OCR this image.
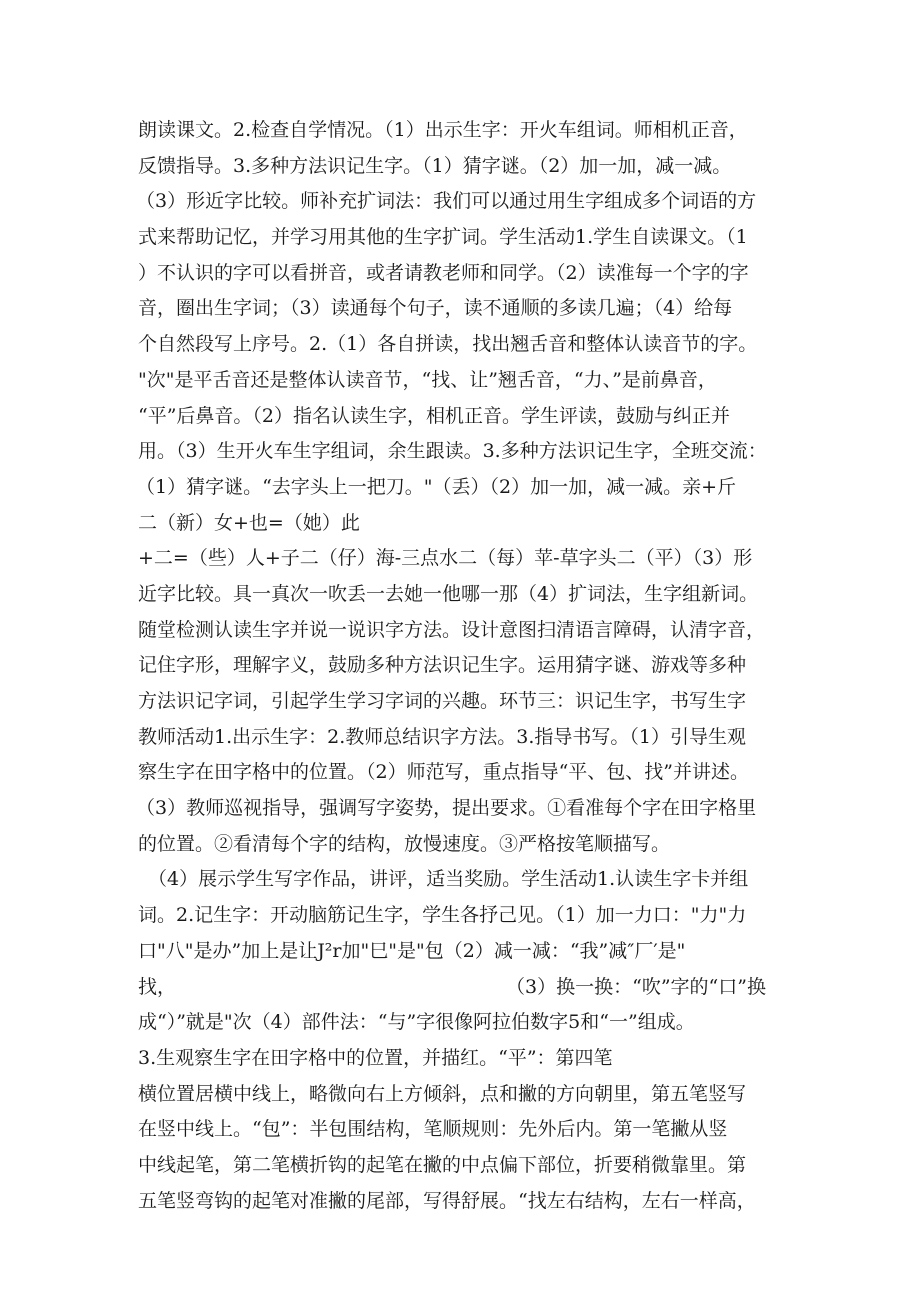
朗读课文。2.检查自学情况。（1）出示生字：开火车组词。师相机正音，
反馈指导。3.多种方法识记生字。（1）猜字谜。（2）加一加，减一减。
（3）形近字比较。师补充扩词法：我们可以通过用生字组成多个词语的方
式来帮助记忆，并学习用其他的生字扩词。学生活动1.学生自读课文。（1
）不认识的字可以看拼音，或者请教老师和同学。（2）读准每一个字的字
音，圈出生字词；（3）读通每个句子，读不通顺的多读几遍；（4）给每
个自然段写上序号。2.（1）各自拼读，找出翘舌音和整体认读音节的字。
"次"是平舌音还是整体认读音节，“找、让”翘舌音，“力、”是前鼻音，
“平”后鼻音。（2）指名认读生字，相机正音。学生评读，鼓励与纠正并
用。（3）生开火车生字组词，余生跟读。3.多种方法识记生字，全班交流：
（1）猜字谜。“去字头上一把刀。"（丢）（2）加一加，减一减。亲+斤
二（新）女+也=（她）此
+二=（些）人+子二（仔）海-三点水二（每）苹-草字头二（平）（3）形
近字比较。具一真次一吹丢一去她一他哪一那（4）扩词法，生字组新词。
随堂检测认读生字并说一说识字方法。设计意图扫清语言障碍，认清字音，
记住字形，理解字义，鼓励多种方法识记生字。运用猜字谜、游戏等多种
方法识记字词，引起学生学习字词的兴趣。环节三：识记生字，书写生字
教师活动1.出示生字：2.教师总结识字方法。3.指导书写。（1）引导生观
察生字在田字格中的位置。（2）师范写，重点指导“平、包、找”并讲述。
（3）教师巡视指导，强调写字姿势，提出要求。①看准每个字在田字格里
的位置。②看清每个字的结构，放慢速度。③严格按笔顺描写。
（4）展示学生写字作品，讲评，适当奖励。学生活动1.认读生字卡并组
词。2.记生字：开动脑筋记生字，学生各抒己见。（1）加一力口："力"力
口"八"是办”加上是让J²r加"巳"是"包（2）减一减：“我”减″厂′是"
找，	（3）换一换：“吹”字的“口”换
成“）”就是"次（4）部件法：“与”字很像阿拉伯数字5和“一”组成。
3.生观察生字在田字格中的位置，并描红。“平”：第四笔
横位置居横中线上，略微向右上方倾斜，点和撇的方向朝里，第五笔竖写
在竖中线上。“包”：半包围结构，笔顺规则：先外后内。第一笔撇从竖
中线起笔，第二笔横折钩的起笔在撇的中点偏下部位，折要稍微靠里。第
五笔竖弯钩的起笔对准撇的尾部，写得舒展。“找左右结构，左右一样高，
